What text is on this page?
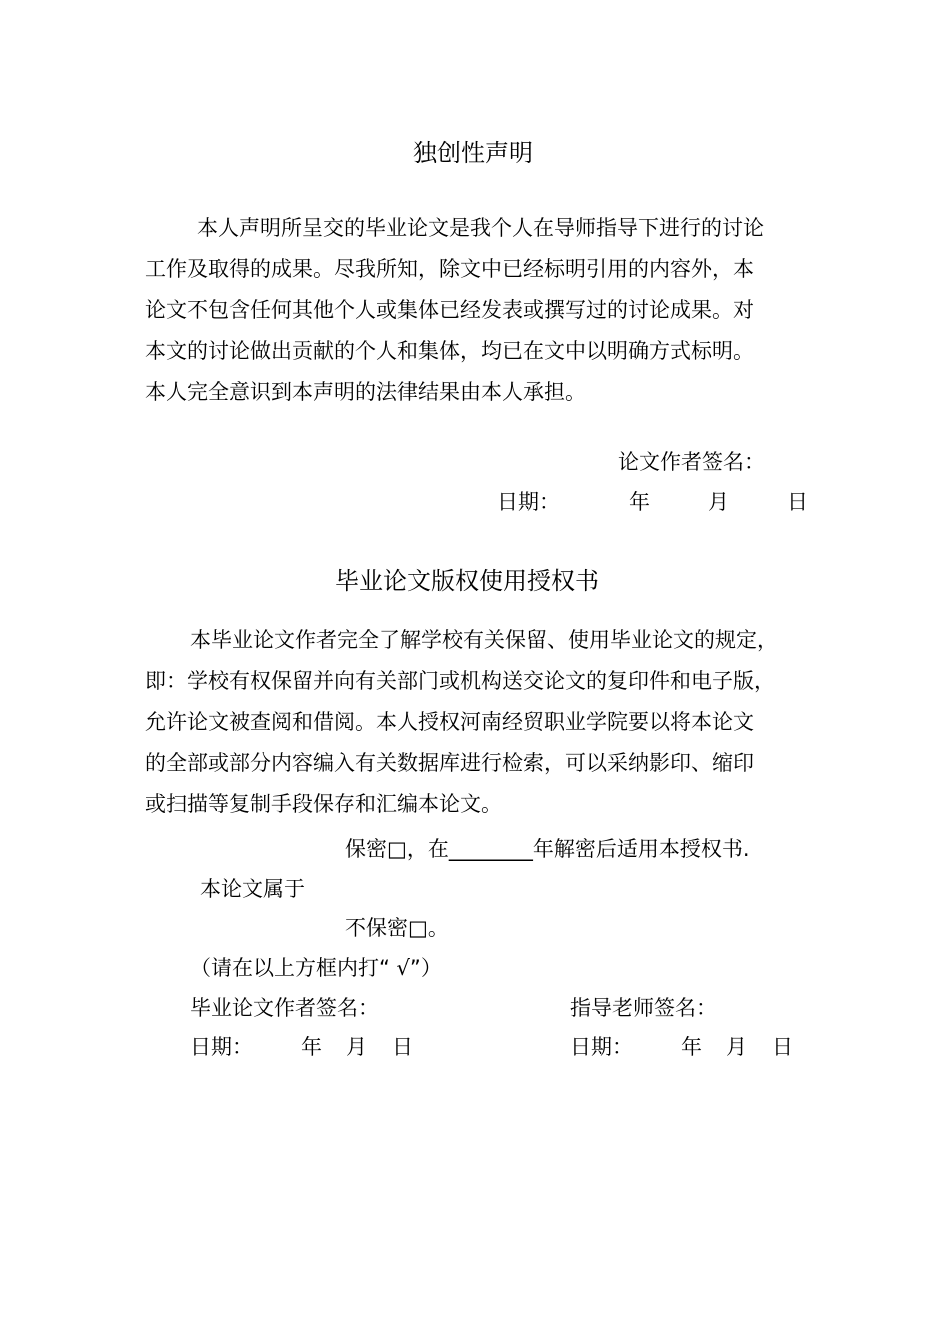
独创性声明
本人声明所呈交的毕业论文是我个人在导师指导下进行的讨论
工作及取得的成果。尽我所知，除文中已经标明引用的内容外，本
论文不包含任何其他个人或集体已经发表或撰写过的讨论成果。对
本文的讨论做出贡献的个人和集体，均已在文中以明确方式标明。
本人完全意识到本声明的法律结果由本人承担。
论文作者签名：
日期：	年	月	日
毕业论文版权使用授权书
本毕业论文作者完全了解学校有关保留、使用毕业论文的规定，
即：学校有权保留并向有关部门或机构送交论文的复印件和电子版，
允许论文被查阅和借阅。本人授权河南经贸职业学院要以将本论文
的全部或部分内容编入有关数据库进行检索，可以采纳影印、缩印
或扫描等复制手段保存和汇编本论文。
保密□，在________年解密后适用本授权书.
本论文属于
不保密□。
（请在以上方框内打“ √”）
毕业论文作者签名：	指导老师签名：
日期： 年 月 日	日期： 年 月 日
